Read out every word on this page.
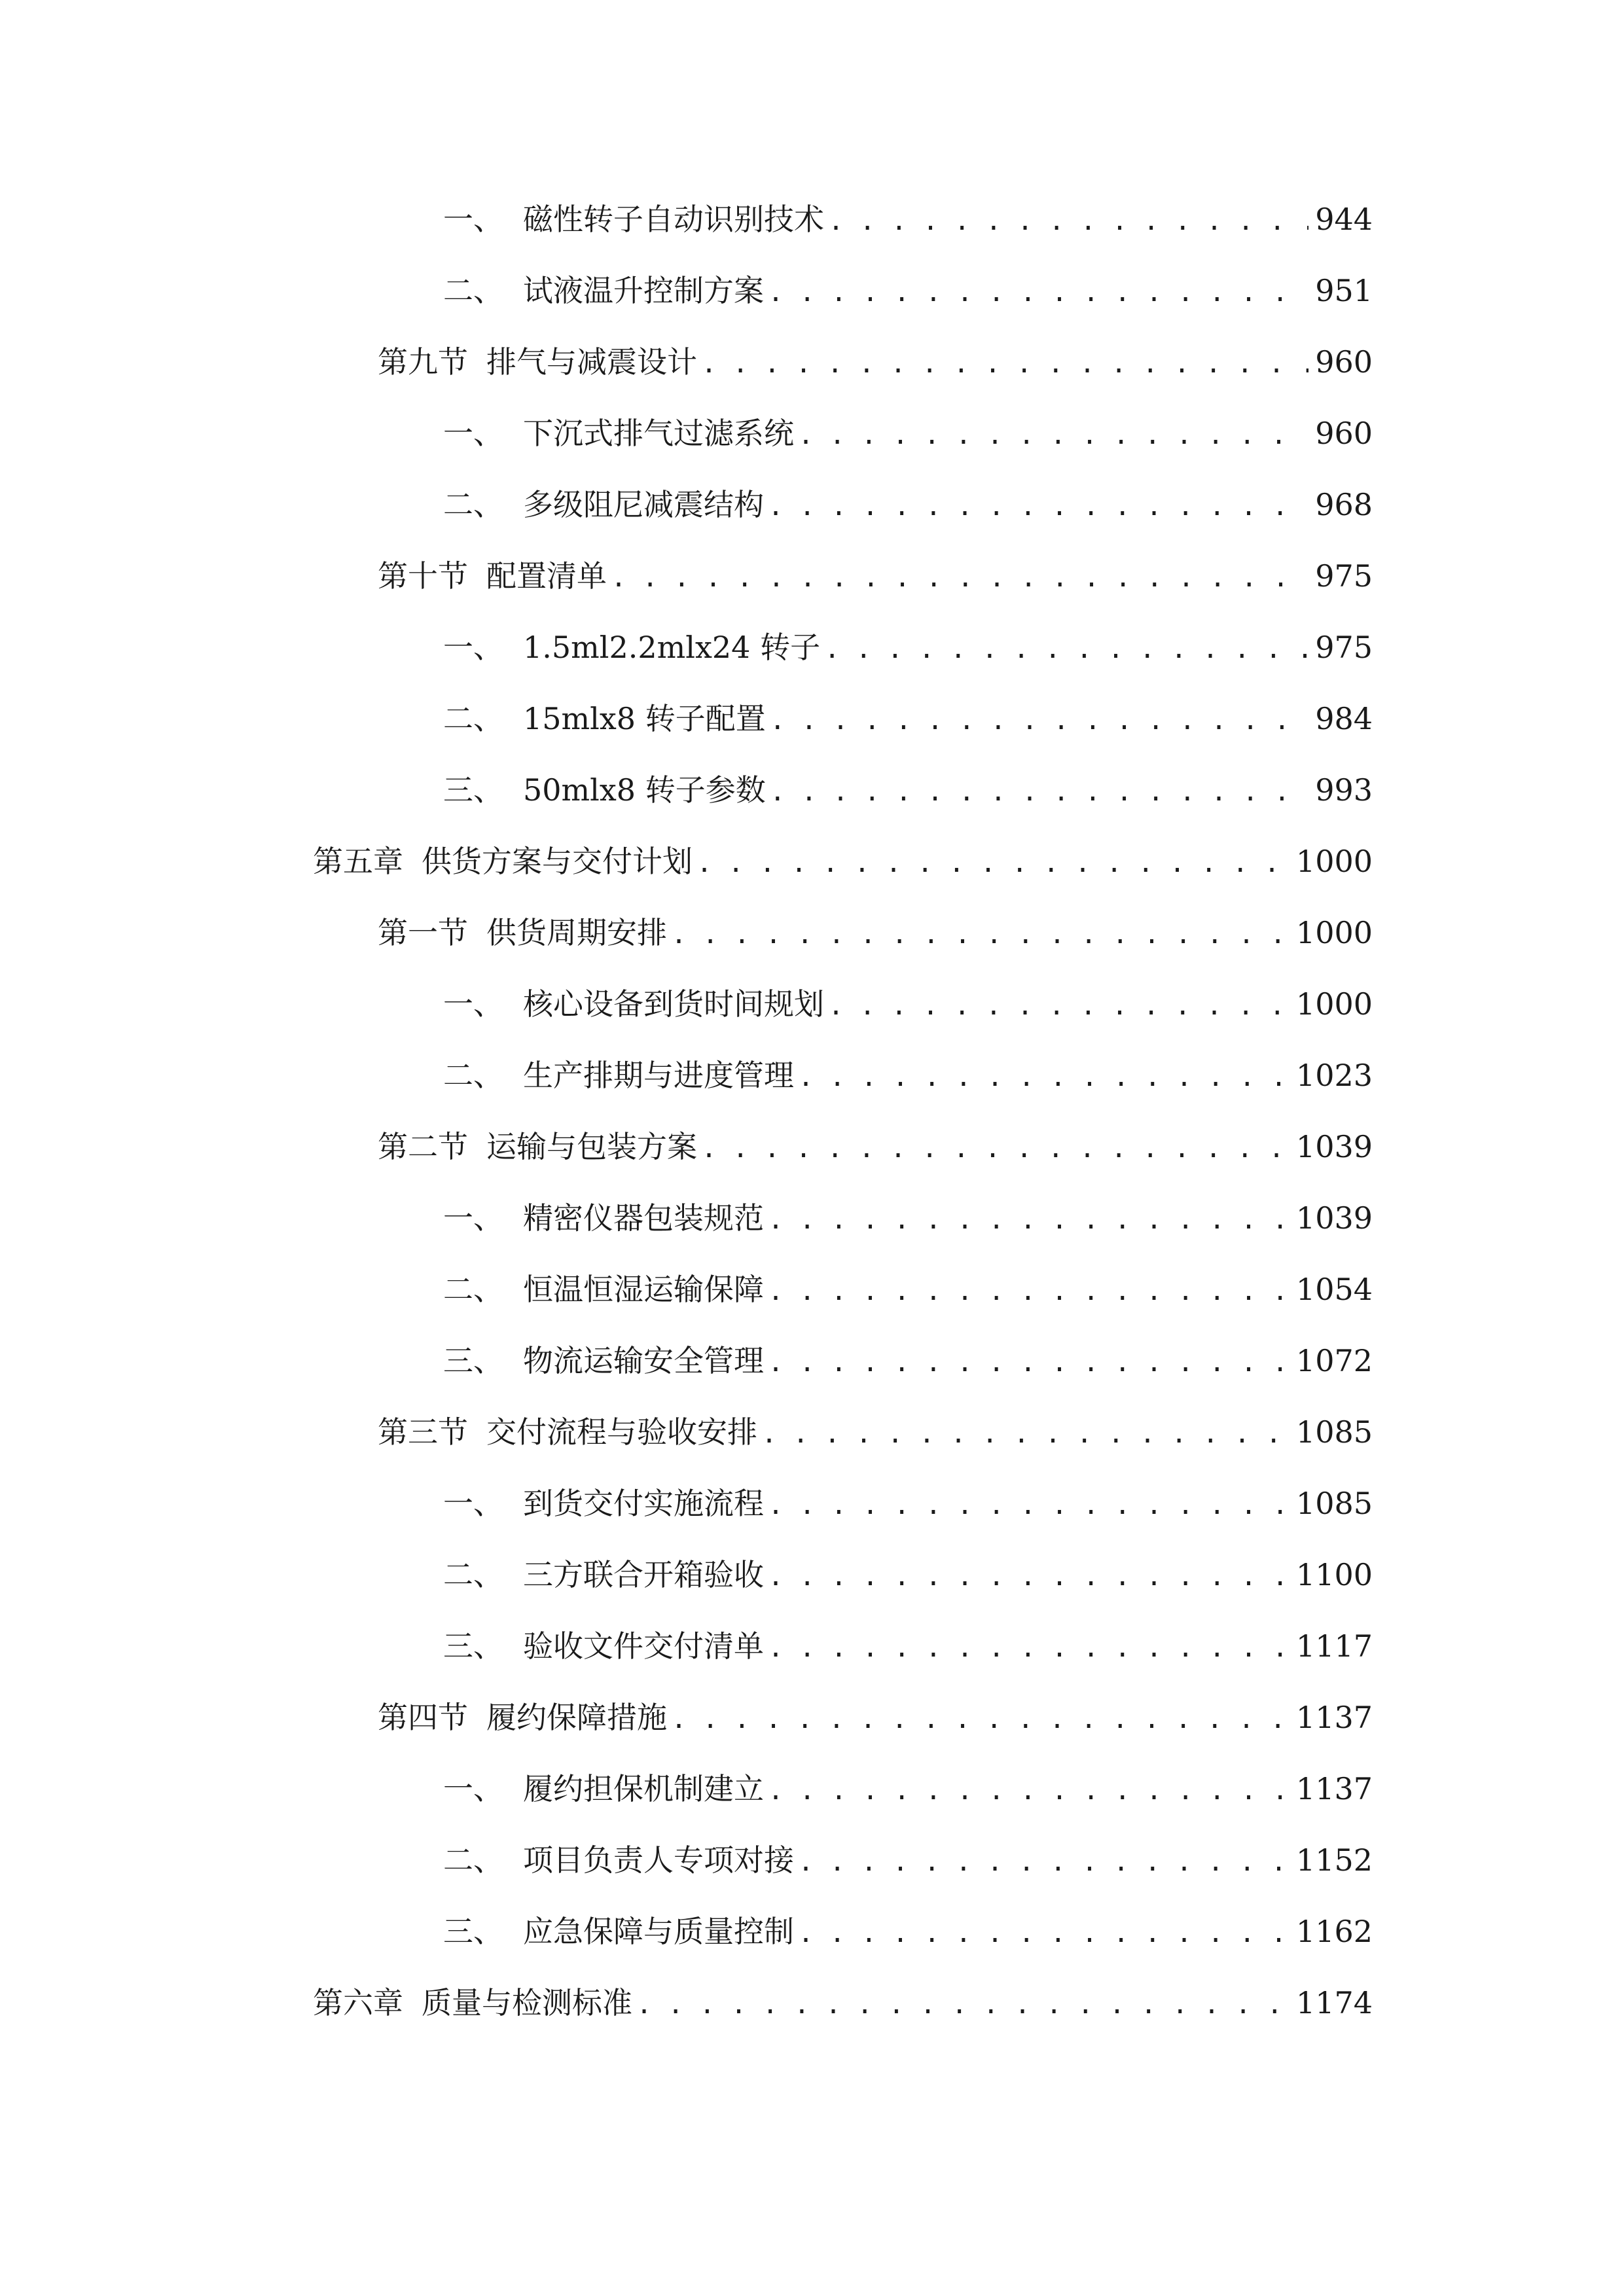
一、 磁性转子自动识别技术 . . .	944
二、 试液温升控制方案 . . .	951
第九节 排气与减震设计 . . .	960
一、 下沉式排气过滤系统 . . .	960
二、 多级阻尼减震结构 . . .	968
第十节 配置清单 . . .	975
一、 1.5ml2.2mlx24 转子 . . .	975
二、 15mlx8 转子配置 . . .	984
三、 50mlx8 转子参数 . . .	993
第五章 供货方案与交付计划 . . .	1000
第一节 供货周期安排 . . .	1000
一、 核心设备到货时间规划 . . .	1000
二、 生产排期与进度管理 . . .	1023
第二节 运输与包装方案 . . .	1039
一、 精密仪器包装规范 . . .	1039
二、 恒温恒湿运输保障 . . .	1054
三、 物流运输安全管理 . . .	1072
第三节 交付流程与验收安排 . . .	1085
一、 到货交付实施流程 . . .	1085
二、 三方联合开箱验收 . . .	1100
三、 验收文件交付清单 . . .	1117
第四节 履约保障措施 . . .	1137
一、 履约担保机制建立 . . .	1137
二、 项目负责人专项对接 . . .	1152
三、 应急保障与质量控制 . . .	1162
第六章 质量与检测标准 . . .	1174
